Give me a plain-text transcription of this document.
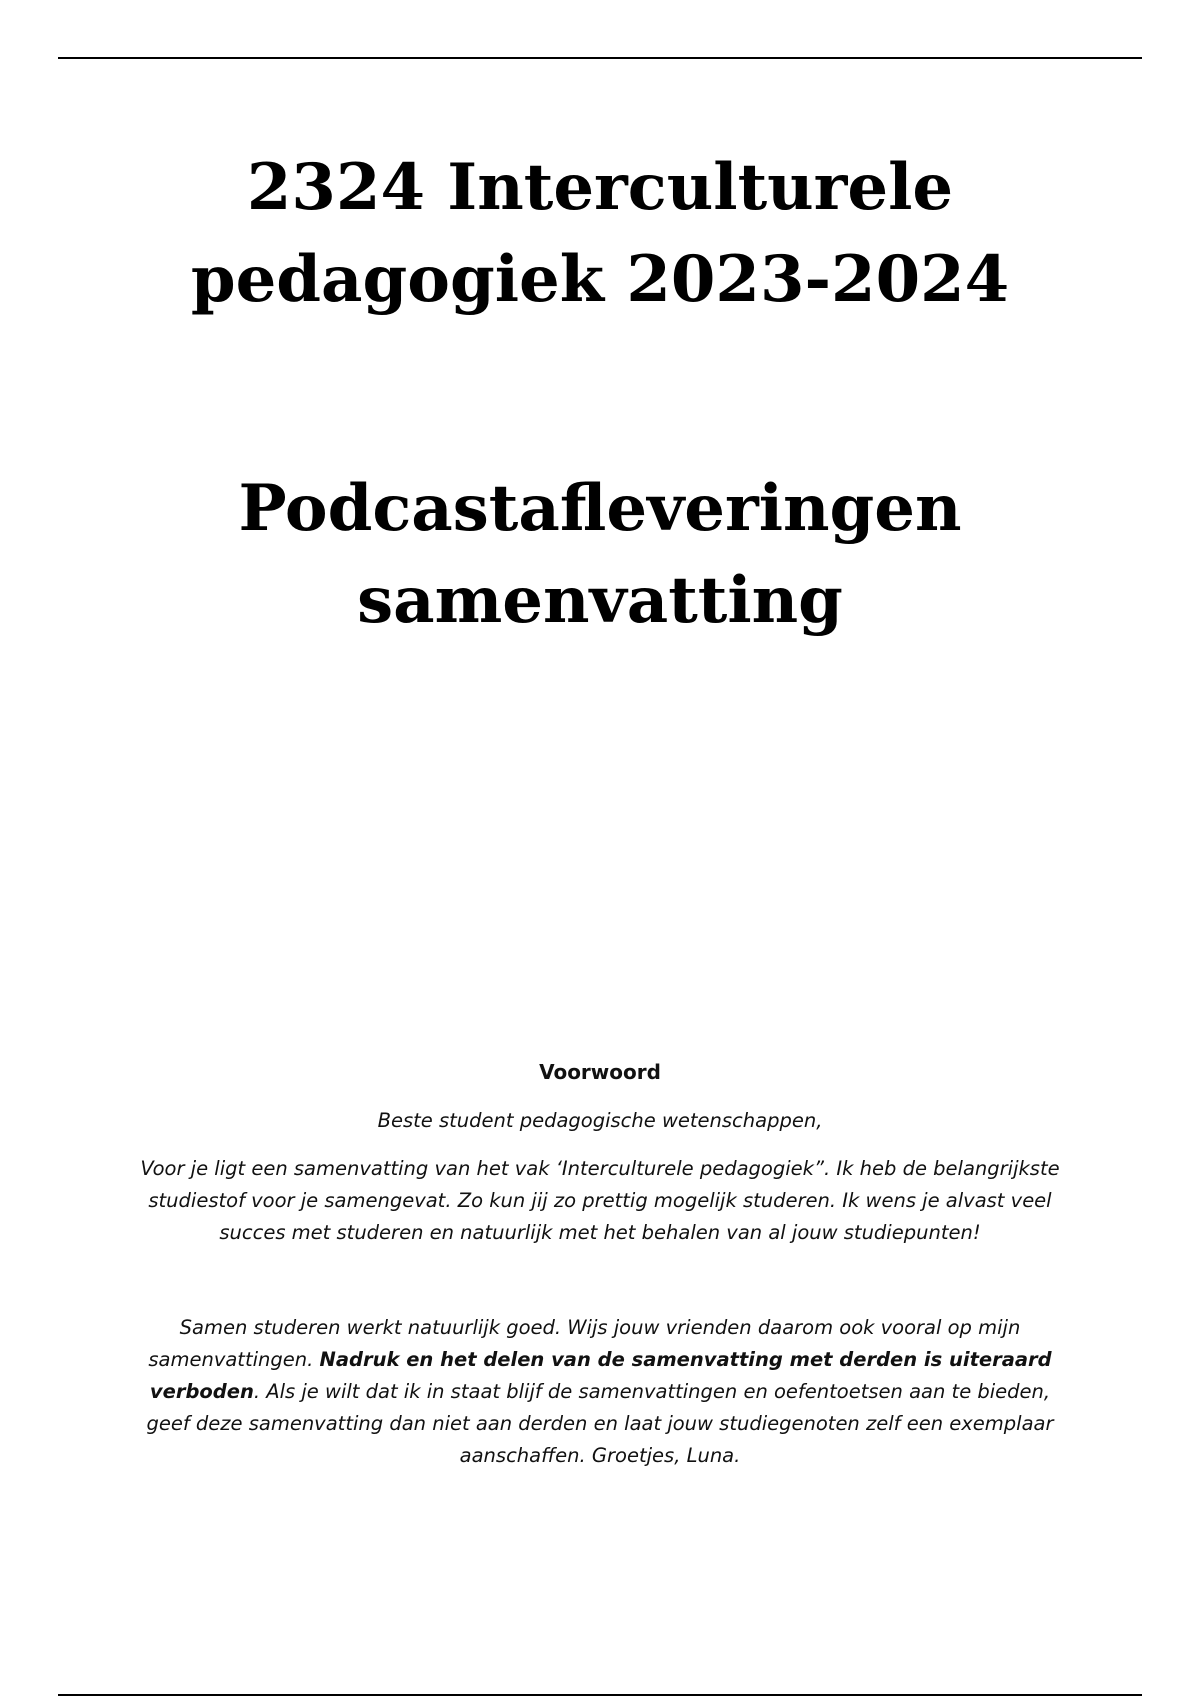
2324 Interculturele
pedagogiek 2023-2024
Podcastafleveringen
samenvatting
Voorwoord
Beste student pedagogische wetenschappen,
Voor je ligt een samenvatting van het vak ‘Interculturele pedagogiek”. Ik heb de belangrijkste
studiestof voor je samengevat. Zo kun jij zo prettig mogelijk studeren. Ik wens je alvast veel
succes met studeren en natuurlijk met het behalen van al jouw studiepunten!
Samen studeren werkt natuurlijk goed. Wijs jouw vrienden daarom ook vooral op mijn
samenvattingen. Nadruk en het delen van de samenvatting met derden is uiteraard
verboden. Als je wilt dat ik in staat blijf de samenvattingen en oefentoetsen aan te bieden,
geef deze samenvatting dan niet aan derden en laat jouw studiegenoten zelf een exemplaar
aanschaffen. Groetjes, Luna.
